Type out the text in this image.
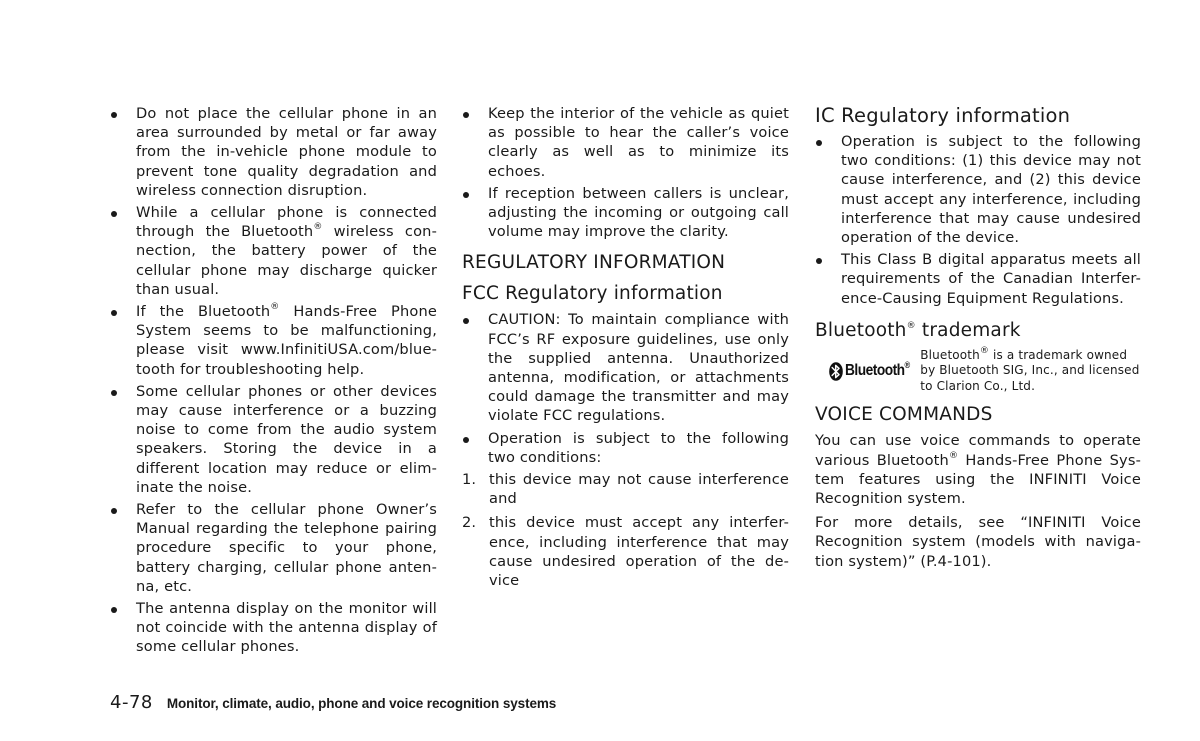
Do not place the cellular phone in an area surrounded by metal or far away from the in-vehicle phone module to prevent tone quality degradation and wireless connection disruption.
While a cellular phone is connected through the Bluetooth® wireless con-nection, the battery power of the cellular phone may discharge quicker than usual.
If the Bluetooth® Hands-Free Phone System seems to be malfunctioning, please visit www.InfinitiUSA.com/blue-tooth for troubleshooting help.
Some cellular phones or other devices may cause interference or a buzzing noise to come from the audio system speakers. Storing the device in a different location may reduce or elim-inate the noise.
Refer to the cellular phone Owner’s Manual regarding the telephone pairing procedure specific to your phone, battery charging, cellular phone anten-na, etc.
The antenna display on the monitor will not coincide with the antenna display of some cellular phones.
Keep the interior of the vehicle as quiet as possible to hear the caller’s voice clearly as well as to minimize its echoes.
If reception between callers is unclear, adjusting the incoming or outgoing call volume may improve the clarity.
REGULATORY INFORMATION
FCC Regulatory information
CAUTION: To maintain compliance with FCC’s RF exposure guidelines, use only the supplied antenna. Unauthorized antenna, modification, or attachments could damage the transmitter and may violate FCC regulations.
Operation is subject to the following two conditions:
1. this device may not cause interference and
2. this device must accept any interfer-ence, including interference that may cause undesired operation of the de-vice
IC Regulatory information
Operation is subject to the following two conditions: (1) this device may not cause interference, and (2) this device must accept any interference, including interference that may cause undesired operation of the device.
This Class B digital apparatus meets all requirements of the Canadian Interfer-ence-Causing Equipment Regulations.
Bluetooth® trademark
Bluetooth®
Bluetooth® is a trademark owned by Bluetooth SIG, Inc., and licensed to Clarion Co., Ltd.
VOICE COMMANDS

You can use voice commands to operate various Bluetooth® Hands-Free Phone Sys-tem features using the INFINITI Voice Recognition system.

For more details, see “INFINITI Voice Recognition system (models with naviga-tion system)” (P.4-101).

4-78 Monitor, climate, audio, phone and voice recognition systems
